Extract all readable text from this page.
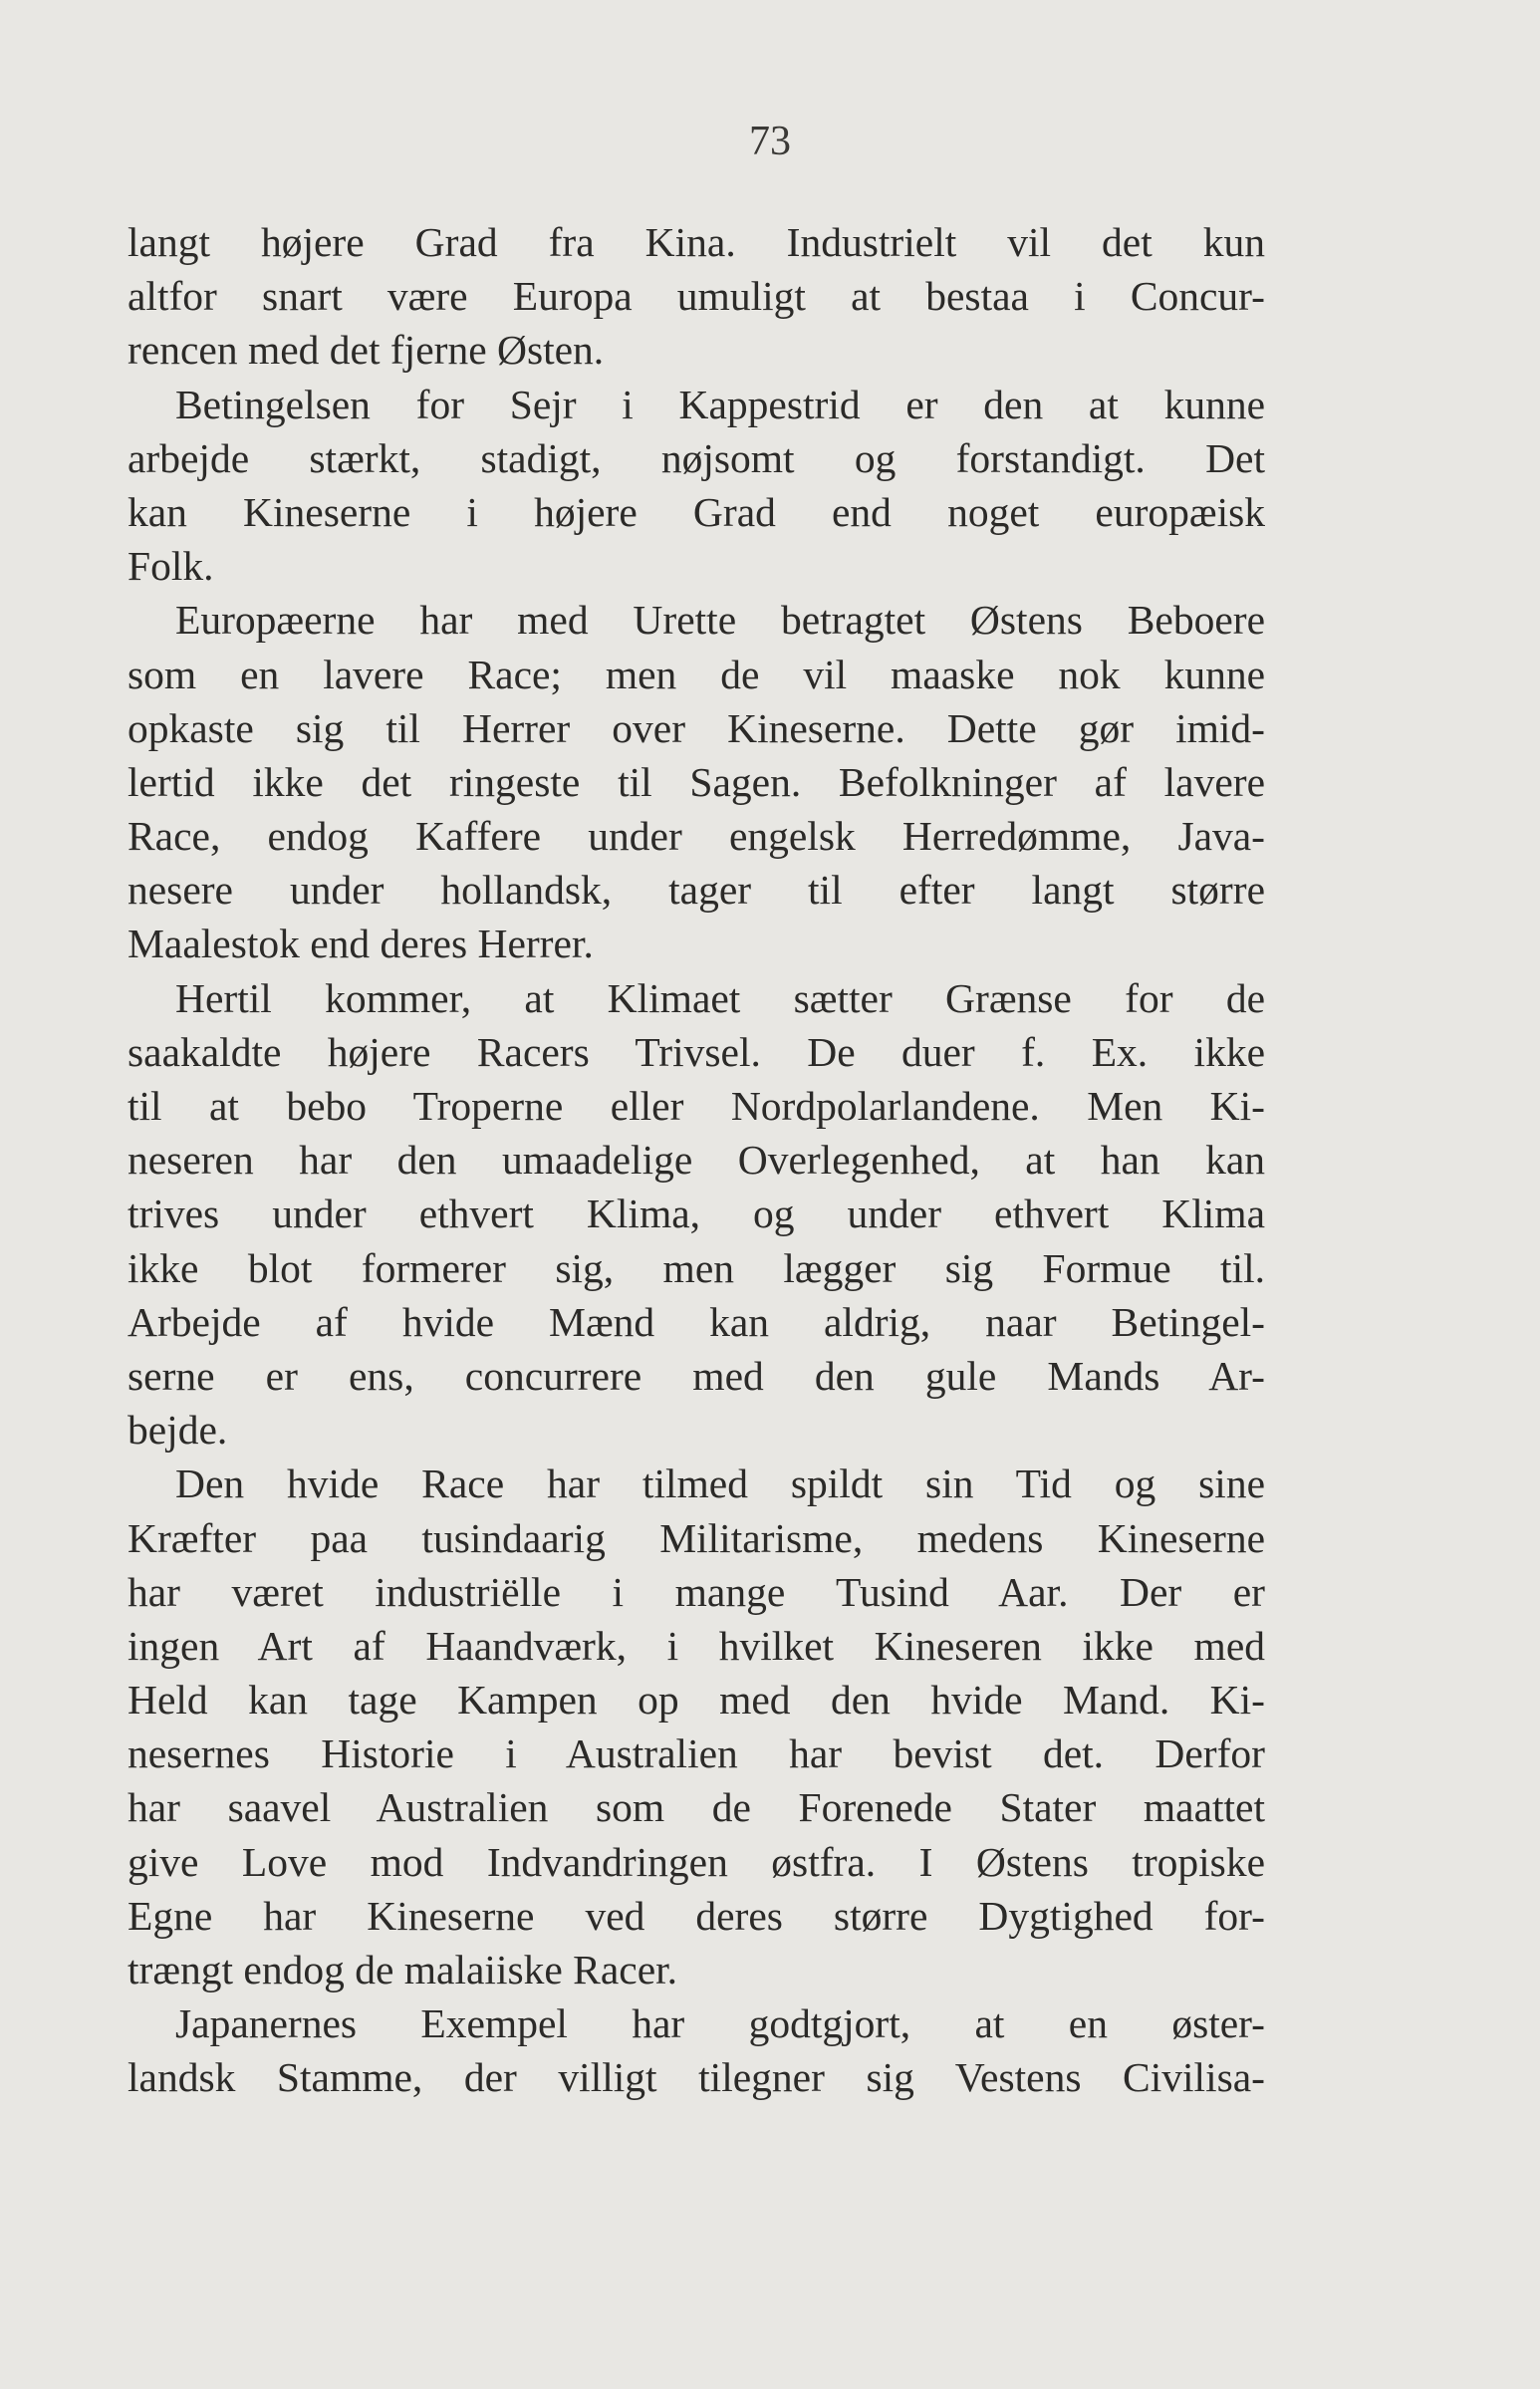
73
langt højere Grad fra Kina. Industrielt vil det kun
altfor snart være Europa umuligt at bestaa i Concur-
rencen med det fjerne Østen.
Betingelsen for Sejr i Kappestrid er den at kunne
arbejde stærkt, stadigt, nøjsomt og forstandigt. Det
kan Kineserne i højere Grad end noget europæisk
Folk.
Europæerne har med Urette betragtet Østens Beboere
som en lavere Race; men de vil maaske nok kunne
opkaste sig til Herrer over Kineserne. Dette gør imid-
lertid ikke det ringeste til Sagen. Befolkninger af lavere
Race, endog Kaffere under engelsk Herredømme, Java-
nesere under hollandsk, tager til efter langt større
Maalestok end deres Herrer.
Hertil kommer, at Klimaet sætter Grænse for de
saakaldte højere Racers Trivsel. De duer f. Ex. ikke
til at bebo Troperne eller Nordpolarlandene. Men Ki-
neseren har den umaadelige Overlegenhed, at han kan
trives under ethvert Klima, og under ethvert Klima
ikke blot formerer sig, men lægger sig Formue til.
Arbejde af hvide Mænd kan aldrig, naar Betingel-
serne er ens, concurrere med den gule Mands Ar-
bejde.
Den hvide Race har tilmed spildt sin Tid og sine
Kræfter paa tusindaarig Militarisme, medens Kineserne
har været industriëlle i mange Tusind Aar. Der er
ingen Art af Haandværk, i hvilket Kineseren ikke med
Held kan tage Kampen op med den hvide Mand. Ki-
nesernes Historie i Australien har bevist det. Derfor
har saavel Australien som de Forenede Stater maattet
give Love mod Indvandringen østfra. I Østens tropiske
Egne har Kineserne ved deres større Dygtighed for-
trængt endog de malaiiske Racer.
Japanernes Exempel har godtgjort, at en øster-
landsk Stamme, der villigt tilegner sig Vestens Civilisa-
